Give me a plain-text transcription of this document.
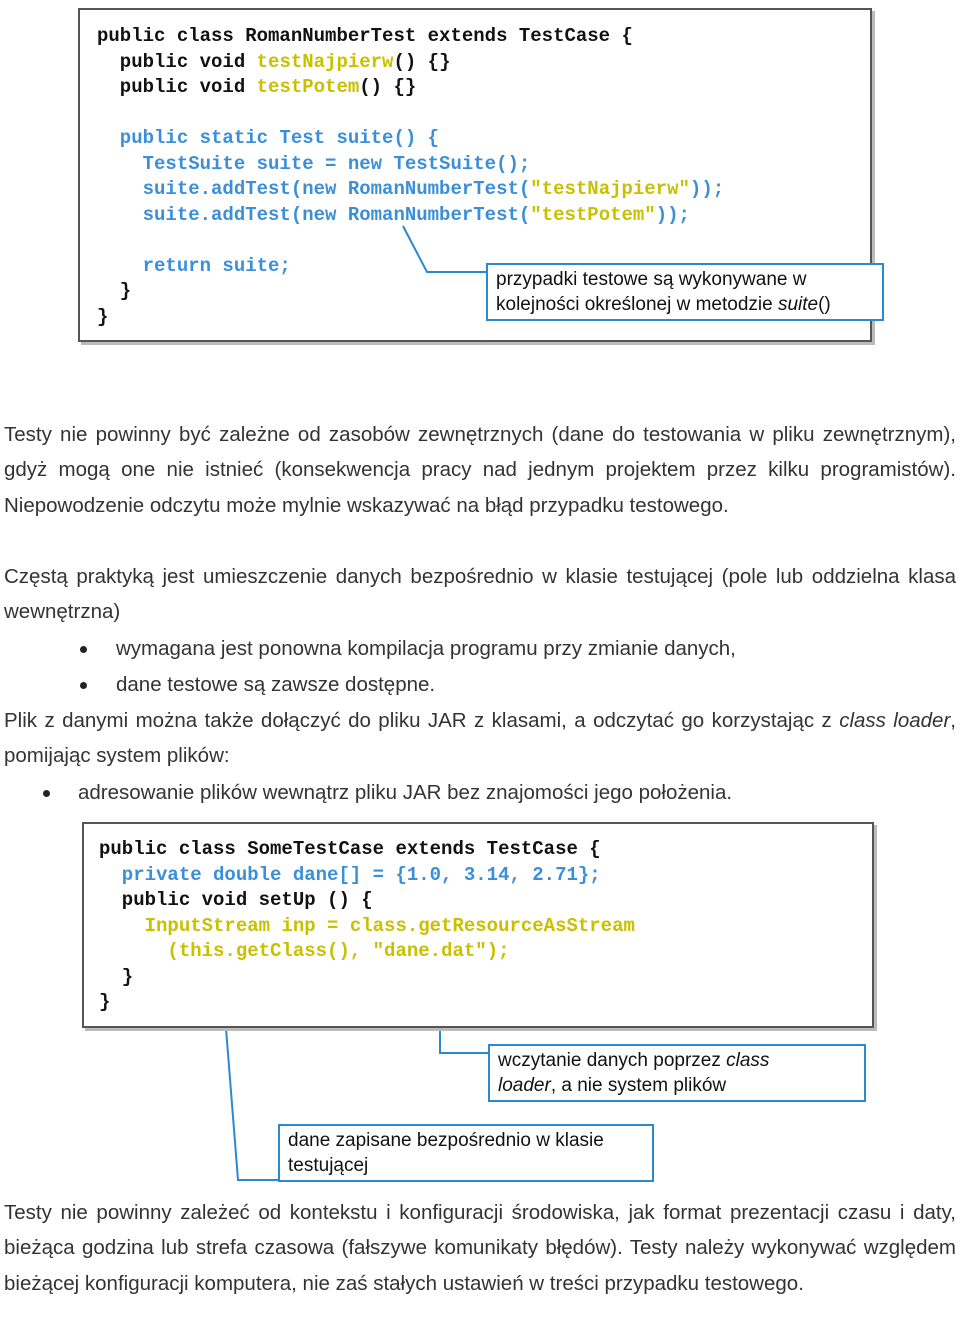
public class RomanNumberTest extends TestCase {
public void testNajpierw() {}
public void testPotem() {}
public static Test suite() {
TestSuite suite = new TestSuite();
suite.addTest(new RomanNumberTest("testNajpierw"));
suite.addTest(new RomanNumberTest("testPotem"));
return suite;
}
}
przypadki testowe są wykonywane w
kolejności określonej w metodzie suite()

Testy nie powinny być zależne od zasobów zewnętrznych (dane do testowania w pliku zewnętrznym), gdyż mogą one nie istnieć (konsekwencja pracy nad jednym projektem przez kilku programistów). Niepowodzenie odczytu może mylnie wskazywać na błąd przypadku testowego.

Częstą praktyką jest umieszczenie danych bezpośrednio w klasie testującej (pole lub oddzielna klasa wewnętrzna)

wymagana jest ponowna kompilacja programu przy zmianie danych,
dane testowe są zawsze dostępne.

Plik z danymi można także dołączyć do pliku JAR z klasami, a odczytać go korzystając z class loader, pomijając system plików:

adresowanie plików wewnątrz pliku JAR bez znajomości jego położenia.
public class SomeTestCase extends TestCase {
private double dane[] = {1.0, 3.14, 2.71};
public void setUp () {
InputStream inp = class.getResourceAsStream
(this.getClass(), "dane.dat");
}
}
wczytanie danych poprzez class
loader, a nie system plików
dane zapisane bezpośrednio w klasie
testującej

Testy nie powinny zależeć od kontekstu i konfiguracji środowiska, jak format prezentacji czasu i daty, bieżąca godzina lub strefa czasowa (fałszywe komunikaty błędów). Testy należy wykonywać względem bieżącej konfiguracji komputera, nie zaś stałych ustawień w treści przypadku testowego.
